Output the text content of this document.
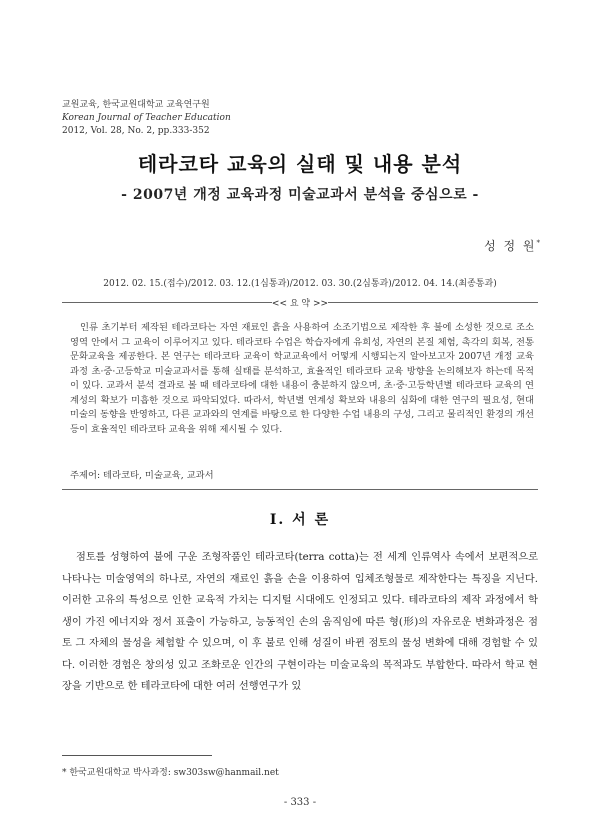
교원교육, 한국교원대학교 교육연구원
Korean Journal of Teacher Education
2012, Vol. 28, No. 2, pp.333-352
테라코타 교육의 실태 및 내용 분석
- 2007년 개정 교육과정 미술교과서 분석을 중심으로 -
성 정 원*
2012. 02. 15.(접수)/2012. 03. 12.(1심통과)/2012. 03. 30.(2심통과)/2012. 04. 14.(최종통과)
<< 요 약 >>
인류 초기부터 제작된 테라코타는 자연 재료인 흙을 사용하여 소조기법으로 제작한 후 불에 소성한 것으로 조소영역 안에서 그 교육이 이루어지고 있다. 테라코타 수업은 학습자에게 유희성, 자연의 본질 체험, 촉각의 회복, 전통문화교육을 제공한다. 본 연구는 테라코타 교육이 학교교육에서 어떻게 시행되는지 알아보고자 2007년 개정 교육과정 초·중·고등학교 미술교과서를 통해 실태를 분석하고, 효율적인 테라코타 교육 방향을 논의해보자 하는데 목적이 있다. 교과서 분석 결과로 볼 때 테라코타에 대한 내용이 충분하지 않으며, 초·중·고등학년별 테라코타 교육의 연계성의 확보가 미흡한 것으로 파악되었다. 따라서, 학년별 연계성 확보와 내용의 심화에 대한 연구의 필요성, 현대 미술의 동향을 반영하고, 다른 교과와의 연계를 바탕으로 한 다양한 수업 내용의 구성, 그리고 물리적인 환경의 개선 등이 효율적인 테라코타 교육을 위해 제시될 수 있다.
주제어: 테라코타, 미술교육, 교과서
Ⅰ. 서 론
점토를 성형하여 불에 구운 조형작품인 테라코타(terra cotta)는 전 세계 인류역사 속에서 보편적으로 나타나는 미술영역의 하나로, 자연의 재료인 흙을 손을 이용하여 입체조형물로 제작한다는 특징을 지닌다. 이러한 고유의 특성으로 인한 교육적 가치는 디지털 시대에도 인정되고 있다. 테라코타의 제작 과정에서 학생이 가진 에너지와 정서 표출이 가능하고, 능동적인 손의 움직임에 따른 형(形)의 자유로운 변화과정은 점토 그 자체의 물성을 체험할 수 있으며, 이 후 불로 인해 성질이 바뀐 점토의 물성 변화에 대해 경험할 수 있다. 이러한 경험은 창의성 있고 조화로운 인간의 구현이라는 미술교육의 목적과도 부합한다. 따라서 학교 현장을 기반으로 한 테라코타에 대한 여러 선행연구가 있
* 한국교원대학교 박사과정: sw303sw@hanmail.net
- 333 -
